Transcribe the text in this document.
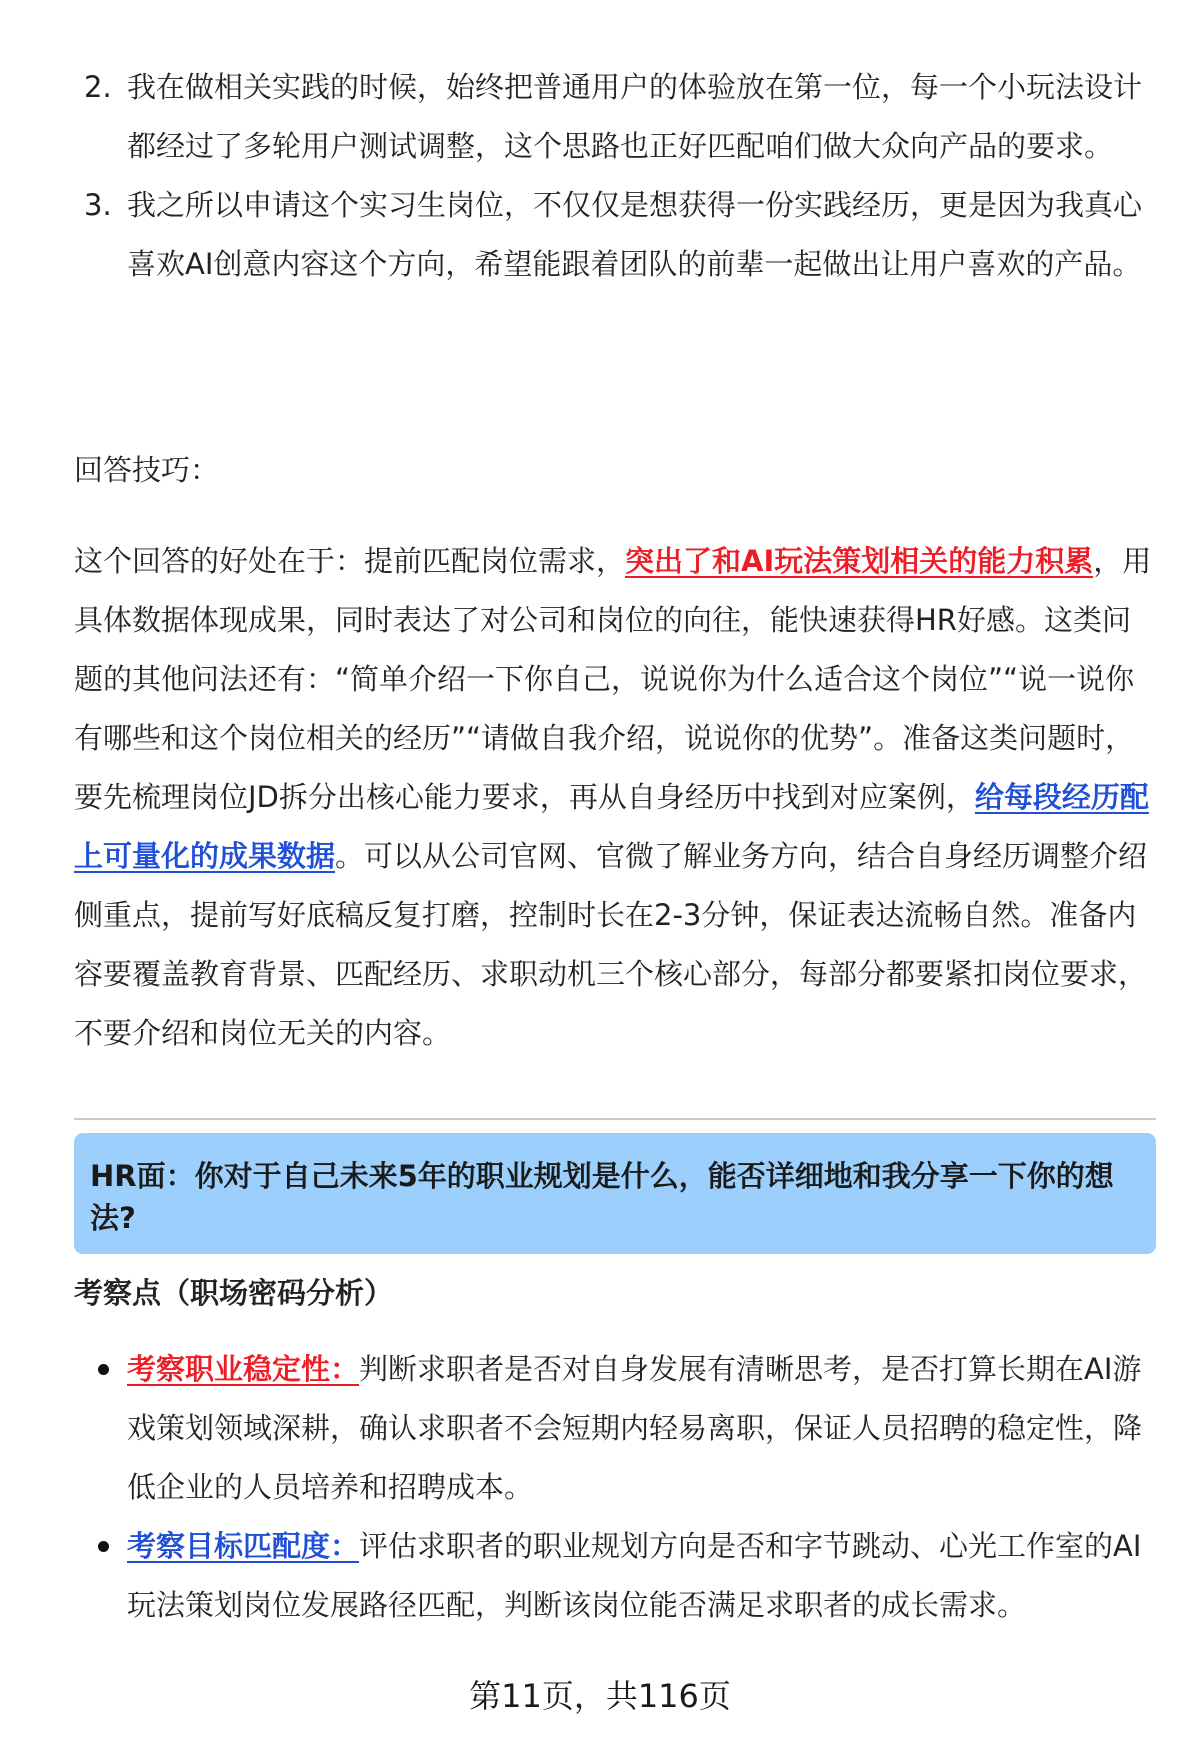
2. 我在做相关实践的时候，始终把普通用户的体验放在第一位，每一个小玩法设计都经过了多轮用户测试调整，这个思路也正好匹配咱们做大众向产品的要求。
3. 我之所以申请这个实习生岗位，不仅仅是想获得一份实践经历，更是因为我真心喜欢AI创意内容这个方向，希望能跟着团队的前辈一起做出让用户喜欢的产品。
回答技巧：
这个回答的好处在于：提前匹配岗位需求，突出了和AI玩法策划相关的能力积累，用具体数据体现成果，同时表达了对公司和岗位的向往，能快速获得HR好感。这类问题的其他问法还有：“简单介绍一下你自己，说说你为什么适合这个岗位”“说一说你有哪些和这个岗位相关的经历”“请做自我介绍，说说你的优势”。准备这类问题时，要先梳理岗位JD拆分出核心能力要求，再从自身经历中找到对应案例，给每段经历配上可量化的成果数据。可以从公司官网、官微了解业务方向，结合自身经历调整介绍侧重点，提前写好底稿反复打磨，控制时长在2-3分钟，保证表达流畅自然。准备内容要覆盖教育背景、匹配经历、求职动机三个核心部分，每部分都要紧扣岗位要求，不要介绍和岗位无关的内容。
HR面：你对于自己未来5年的职业规划是什么，能否详细地和我分享一下你的想法?
考察点（职场密码分析）
考察职业稳定性：判断求职者是否对自身发展有清晰思考，是否打算长期在AI游戏策划领域深耕，确认求职者不会短期内轻易离职，保证人员招聘的稳定性，降低企业的人员培养和招聘成本。
考察目标匹配度：评估求职者的职业规划方向是否和字节跳动、心光工作室的AI玩法策划岗位发展路径匹配，判断该岗位能否满足求职者的成长需求。
第11页，共116页
